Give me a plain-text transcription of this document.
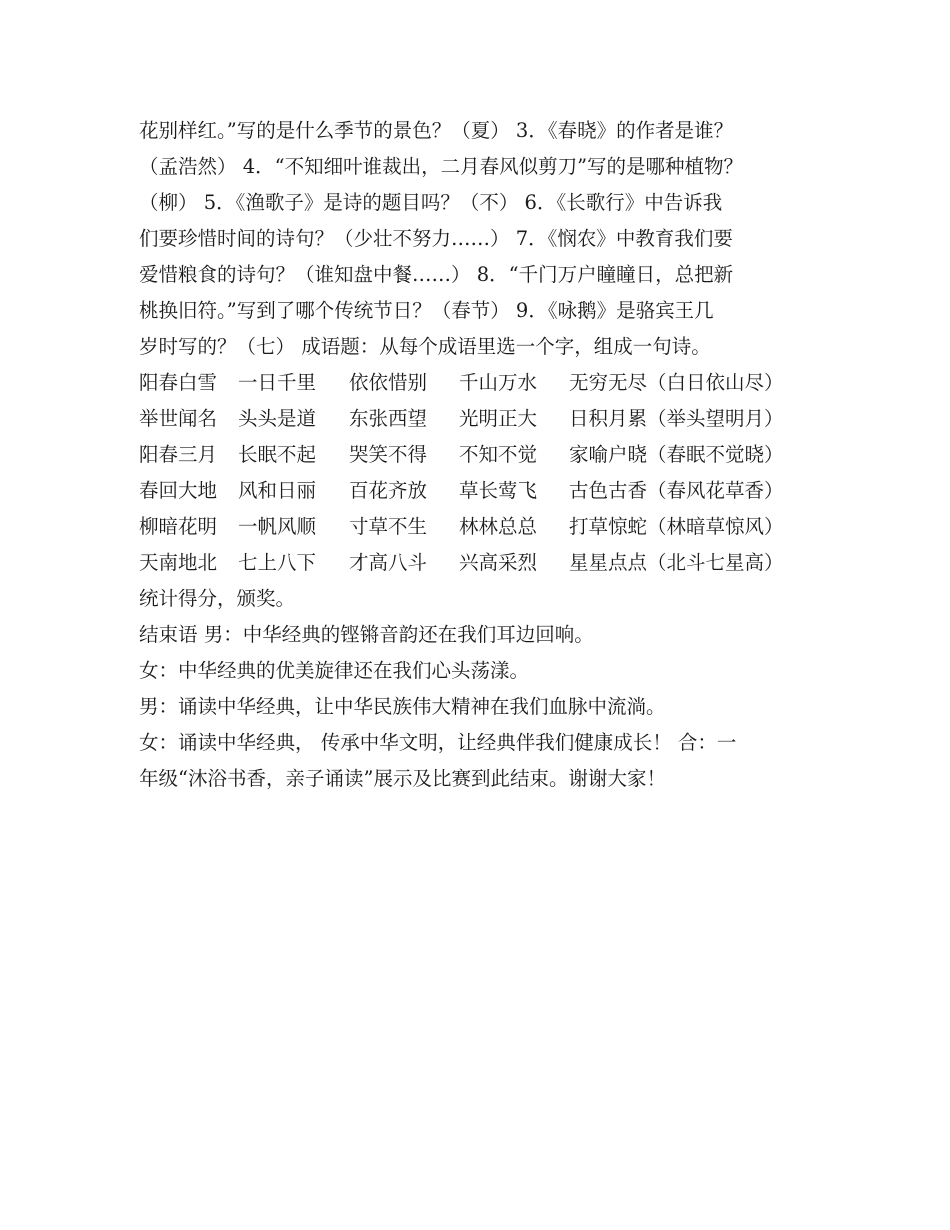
花别样红。”写的是什么季节的景色？（夏） 3．《春晓》的作者是谁？
（孟浩然） 4．“不知细叶谁裁出，二月春风似剪刀”写的是哪种植物？
（柳） 5．《渔歌子》是诗的题目吗？（不） 6．《长歌行》中告诉我
们要珍惜时间的诗句？（少壮不努力……） 7．《悯农》中教育我们要
爱惜粮食的诗句？（谁知盘中餐……） 8．“千门万户瞳瞳日，总把新
桃换旧符。”写到了哪个传统节日？（春节） 9．《咏鹅》是骆宾王几
岁时写的？（七） 成语题：从每个成语里选一个字，组成一句诗。
阳春白雪	一日千里	依依惜别	千山万水	无穷无尽（白日依山尽）
举世闻名	头头是道	东张西望	光明正大	日积月累（举头望明月）
阳春三月	长眠不起	哭笑不得	不知不觉	家喻户晓（春眠不觉晓）
春回大地	风和日丽	百花齐放	草长莺飞	古色古香（春风花草香）
柳暗花明	一帆风顺	寸草不生	林林总总	打草惊蛇（林暗草惊风）
天南地北	七上八下	才高八斗	兴高采烈	星星点点（北斗七星高）
统计得分，颁奖。
结束语 男：中华经典的铿锵音韵还在我们耳边回响。
女：中华经典的优美旋律还在我们心头荡漾。
男：诵读中华经典，让中华民族伟大精神在我们血脉中流淌。
女：诵读中华经典， 传承中华文明，让经典伴我们健康成长！ 合：一
年级“沐浴书香，亲子诵读”展示及比赛到此结束。谢谢大家！
